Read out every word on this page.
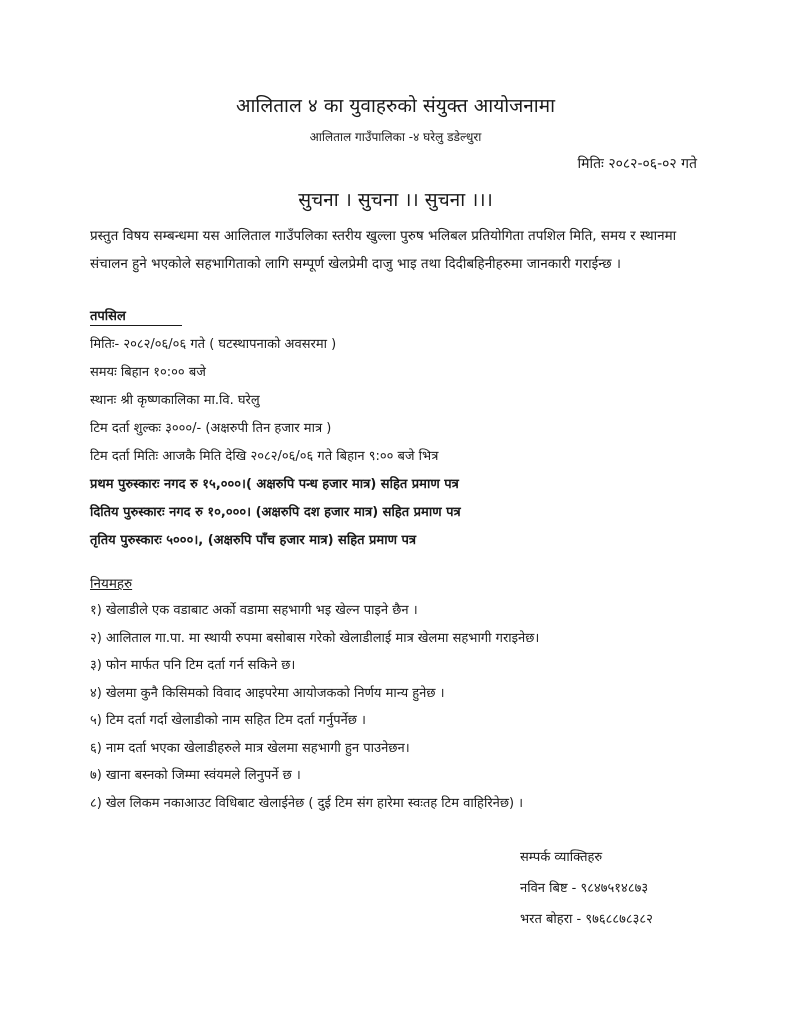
आलिताल ४ का युवाहरुको संयुक्त आयोजनामा
आलिताल गाउँपालिका -४ घरेलु डडेल्धुरा
मितिः २०८२-०६-०२ गते
सुचना । सुचना ।। सुचना ।।।
प्रस्तुत विषय सम्बन्धमा यस आलिताल गाउँपलिका स्तरीय खुल्ला पुरुष भलिबल प्रतियोगिता तपशिल मिति, समय र स्थानमा संचालन हुने भएकोले सहभागिताको लागि सम्पूर्ण खेलप्रेमी दाजु भाइ तथा दिदीबहिनीहरुमा जानकारी गराईन्छ ।
तपसिल
मितिः- २०८२/०६/०६ गते ( घटस्थापनाको अवसरमा )
समयः बिहान १०:०० बजे
स्थानः श्री कृष्णकालिका मा.वि. घरेलु
टिम दर्ता शुल्कः ३०००/- (अक्षरुपी तिन हजार मात्र )
टिम दर्ता मितिः आजकै मिति देखि २०८२/०६/०६ गते बिहान ९:०० बजे भित्र
प्रथम पुरुस्कारः नगद रु १५,०००।( अक्षरुपि पन्ध हजार मात्र) सहित प्रमाण पत्र
दितिय पुरुस्कारः नगद रु १०,०००। (अक्षरुपि दश हजार मात्र) सहित प्रमाण पत्र
तृतिय पुरुस्कारः ५०००।, (अक्षरुपि पाँच हजार मात्र) सहित प्रमाण पत्र
नियमहरु
१) खेलाडीले एक वडाबाट अर्को वडामा सहभागी भइ खेल्न पाइने छैन ।
२) आलिताल गा.पा. मा स्थायी रुपमा बसोबास गरेको खेलाडीलाई मात्र खेलमा सहभागी गराइनेछ।
३) फोन मार्फत पनि टिम दर्ता गर्न सकिने छ।
४) खेलमा कुनै किसिमको विवाद आइपरेमा आयोजकको निर्णय मान्य हुनेछ ।
५) टिम दर्ता गर्दा खेलाडीको नाम सहित टिम दर्ता गर्नुपर्नेछ ।
६) नाम दर्ता भएका खेलाडीहरुले मात्र खेलमा सहभागी हुन पाउनेछन।
७) खाना बस्नको जिम्मा स्वंयमले लिनुपर्ने छ ।
८) खेल लिकम नकाआउट विधिबाट खेलाईनेछ ( दुई टिम संग हारेमा स्वःतह टिम वाहिरिनेछ) ।
सम्पर्क व्याक्तिहरु
नविन बिष्ट - ९८४७५१४८७३
भरत बोहरा - ९७६८८७८३८२
